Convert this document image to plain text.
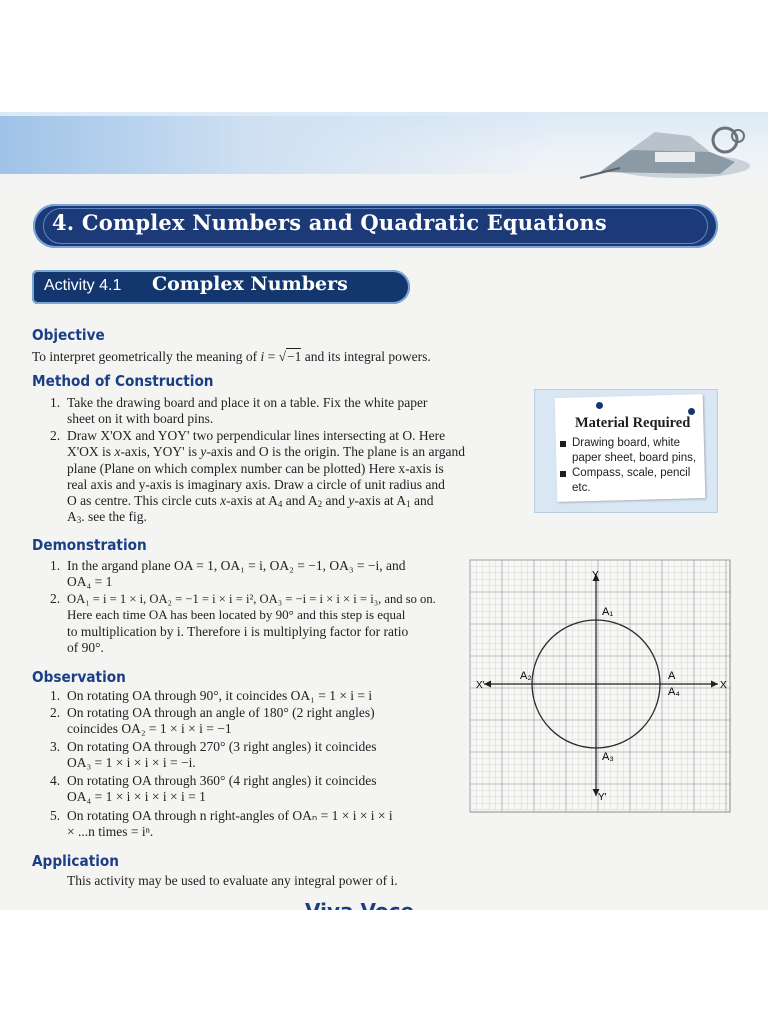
4. Complex Numbers and Quadratic Equations
Activity 4.1 Complex Numbers
Objective
To interpret geometrically the meaning of i = √−1 and its integral powers.
Method of Construction
1. Take the drawing board and place it on a table. Fix the white paper
sheet on it with board pins.
2. Draw X'OX and YOY' two perpendicular lines intersecting at O. Here
X'OX is x-axis, YOY' is y-axis and O is the origin. The plane is an argand
plane (Plane on which complex number can be plotted) Here x-axis is
real axis and y-axis is imaginary axis. Draw a circle of unit radius and
O as centre. This circle cuts x-axis at $A_4$ and $A_2$ and y-axis at $A_1$ and
$A_3$. see the fig.
Material Required
Drawing board, white
paper sheet, board pins,
Compass, scale, pencil
etc.
Demonstration
1. In the argand plane OA = 1, OA₁ = i, OA₂ = −1, OA₃ = −i, and
OA₄ = 1
2. OA₁ = i = 1 × i, OA₂ = −1 = i × i = i², OA₃ = −i = i × i × i = i₃, and so on.
Here each time OA has been located by 90° and this step is equal
to multiplication by i. Therefore i is multiplying factor for ratio
of 90°.
Observation
1. On rotating OA through 90°, it coincides OA₁ = 1 × i = i
2. On rotating OA through an angle of 180° (2 right angles)
coincides OA₂ = 1 × i × i = −1
3. On rotating OA through 270° (3 right angles) it coincides
OA₃ = 1 × i × i × i = −i.
4. On rotating OA through 360° (4 right angles) it coincides
OA₄ = 1 × i × i × i × i = 1
5. On rotating OA through n right-angles of OAₙ = 1 × i × i × i
× ...n times = iⁿ.
Application
This activity may be used to evaluate any integral power of i.
Y
Y'
X
X'
A₁
A₂
A₃
A
A₄
